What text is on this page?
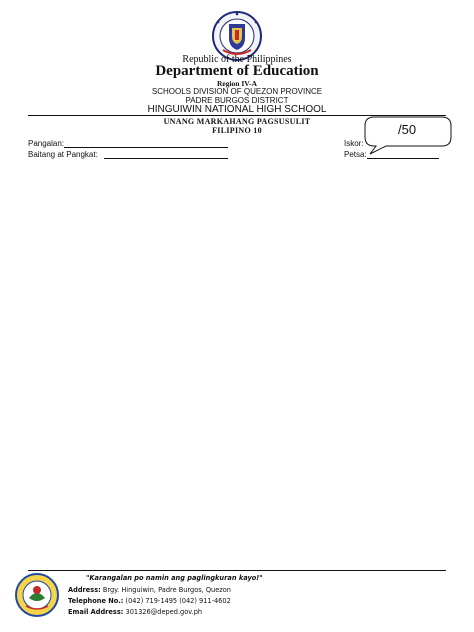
Republic of the Philippines
Department of Education
Region IV-A
SCHOOLS DIVISION OF QUEZON PROVINCE
PADRE BURGOS DISTRICT
HINGUIWIN NATIONAL HIGH SCHOOL
UNANG MARKAHANG PAGSUSULIT
FILIPINO 10
Pangalan:
Baitang at Pangkat:
Iskor:
Petsa:
/50
"Karangalan po namin ang paglingkuran kayo!"
Address: Brgy. Hinguiwin, Padre Burgos, Quezon
Telephone No.: (042) 719-1495 (042) 911-4602
Email Address: 301326@deped.gov.ph
